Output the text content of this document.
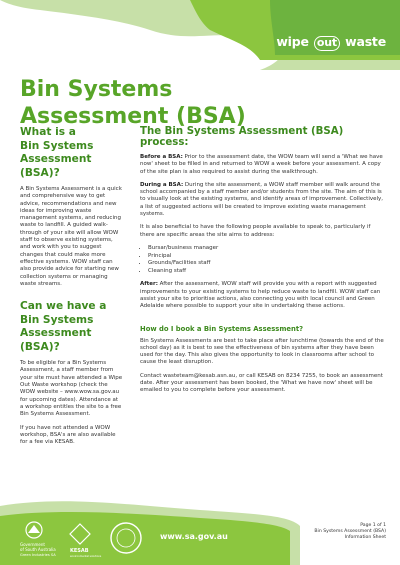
wipe out waste
Bin Systems
Assessment (BSA)
What is a
Bin Systems
Assessment (BSA)?

A Bin Systems Assessment is a quick and comprehensive way to get advice, recommendations and new ideas for improving waste management systems, and reducing waste to landfill. A guided walk-through of your site will allow WOW staff to observe existing systems, and work with you to suggest changes that could make more effective systems. WOW staff can also provide advice for starting new collection systems or managing waste streams.

Can we have a
Bin Systems
Assessment (BSA)?

To be eligible for a Bin Systems Assessment, a staff member from your site must have attended a Wipe Out Waste workshop (check the WOW website – www.wow.sa.gov.au for upcoming dates). Attendance at a workshop entitles the site to a free Bin Systems Assessment.

If you have not attended a WOW workshop, BSA's are also available for a fee via KESAB.

The Bin Systems Assessment (BSA) process:

Before a BSA: Prior to the assessment date, the WOW team will send a 'What we have now' sheet to be filled in and returned to WOW a week before your assessment. A copy of the site plan is also required to assist during the walkthrough.

During a BSA: During the site assessment, a WOW staff member will walk around the school accompanied by a staff member and/or students from the site. The aim of this is to visually look at the existing systems, and identify areas of improvement. Collectively, a list of suggested actions will be created to improve existing waste management systems.

It is also beneficial to have the following people available to speak to, particularly if there are specific areas the site aims to address:

• Bursar/business manager
• Principal
• Grounds/Facilities staff
• Cleaning staff

After: After the assessment, WOW staff will provide you with a report with suggested improvements to your existing systems to help reduce waste to landfill. WOW staff can assist your site to prioritise actions, also connecting you with local council and Green Adelaide where possible to support your site in undertaking these actions.

How do I book a Bin Systems Assessment?

Bin Systems Assessments are best to take place after lunchtime (towards the end of the school day) as it is best to see the effectiveness of bin systems after they have been used for the day. This also gives the opportunity to look in classrooms after school to cause the least disruption.

Contact wasteteam@kesab.asn.au, or call KESAB on 8234 7255, to book an assessment date. After your assessment has been booked, the 'What we have now' sheet will be emailed to you to complete before your assessment.

Government
of South Australia
Green Industries SA
KESAB
environmental solutions
www.sa.gov.au
Page 1 of 1
Bin Systems Assessment (BSA)
Information Sheet
